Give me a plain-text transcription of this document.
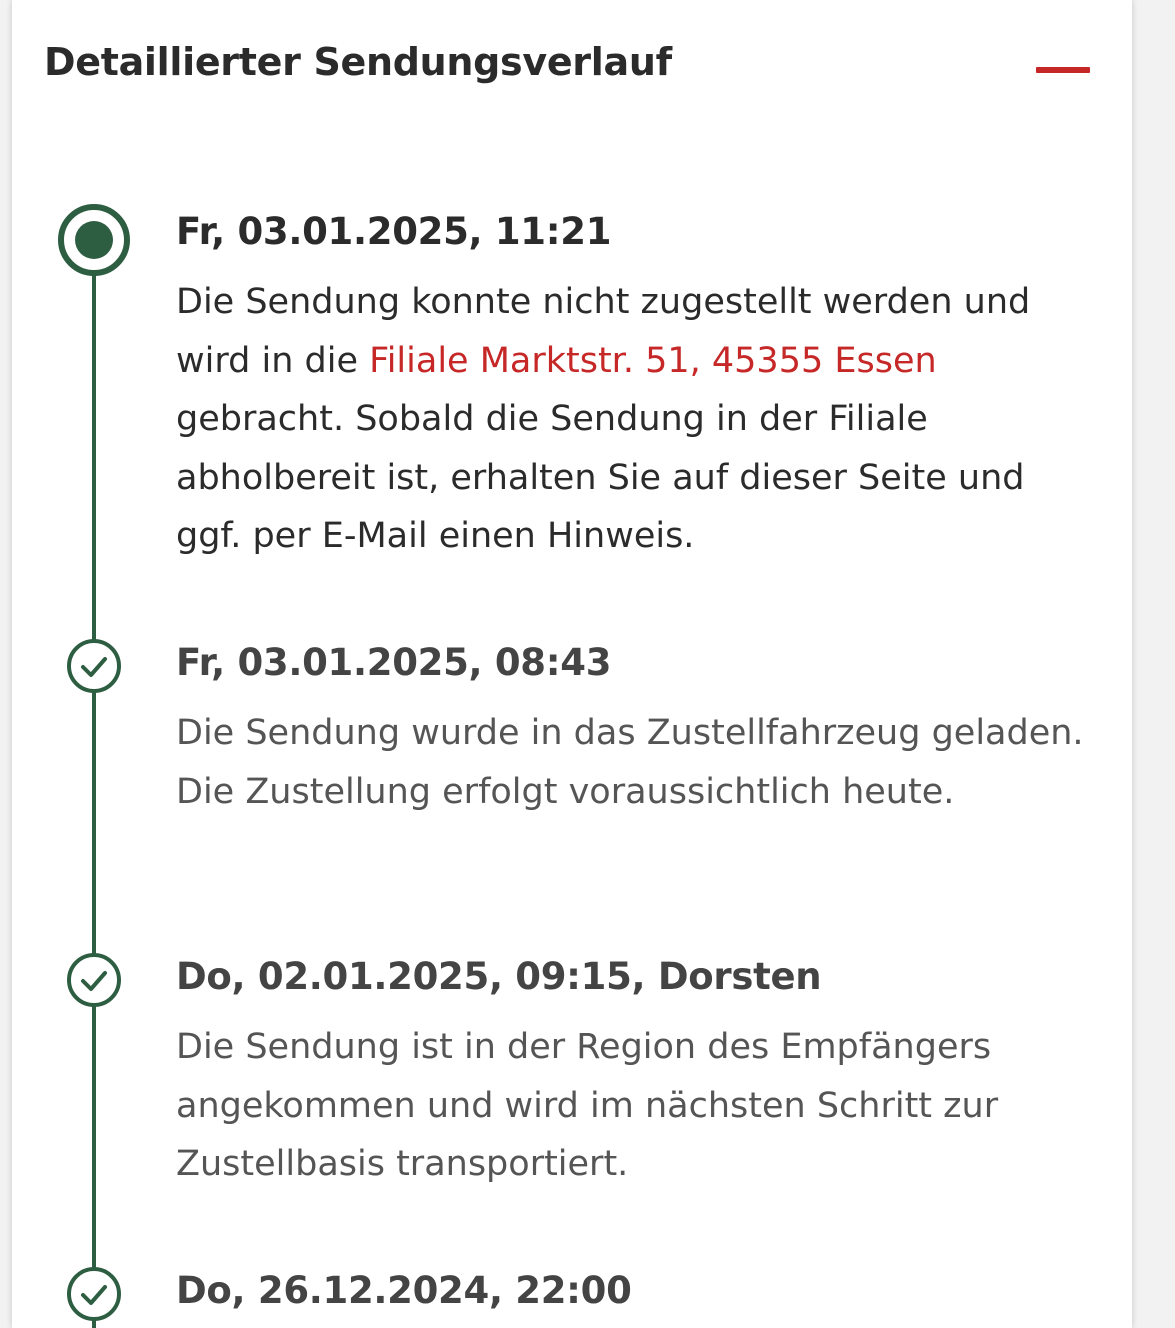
Detaillierter Sendungsverlauf
Fr, 03.01.2025, 11:21
Die Sendung konnte nicht zugestellt werden und wird in die Filiale Marktstr. 51, 45355 Essen gebracht. Sobald die Sendung in der Filiale abholbereit ist, erhalten Sie auf dieser Seite und ggf. per E-Mail einen Hinweis.
Fr, 03.01.2025, 08:43
Die Sendung wurde in das Zustellfahrzeug geladen. Die Zustellung erfolgt voraussichtlich heute.
Do, 02.01.2025, 09:15, Dorsten
Die Sendung ist in der Region des Empfängers angekommen und wird im nächsten Schritt zur Zustellbasis transportiert.
Do, 26.12.2024, 22:00
